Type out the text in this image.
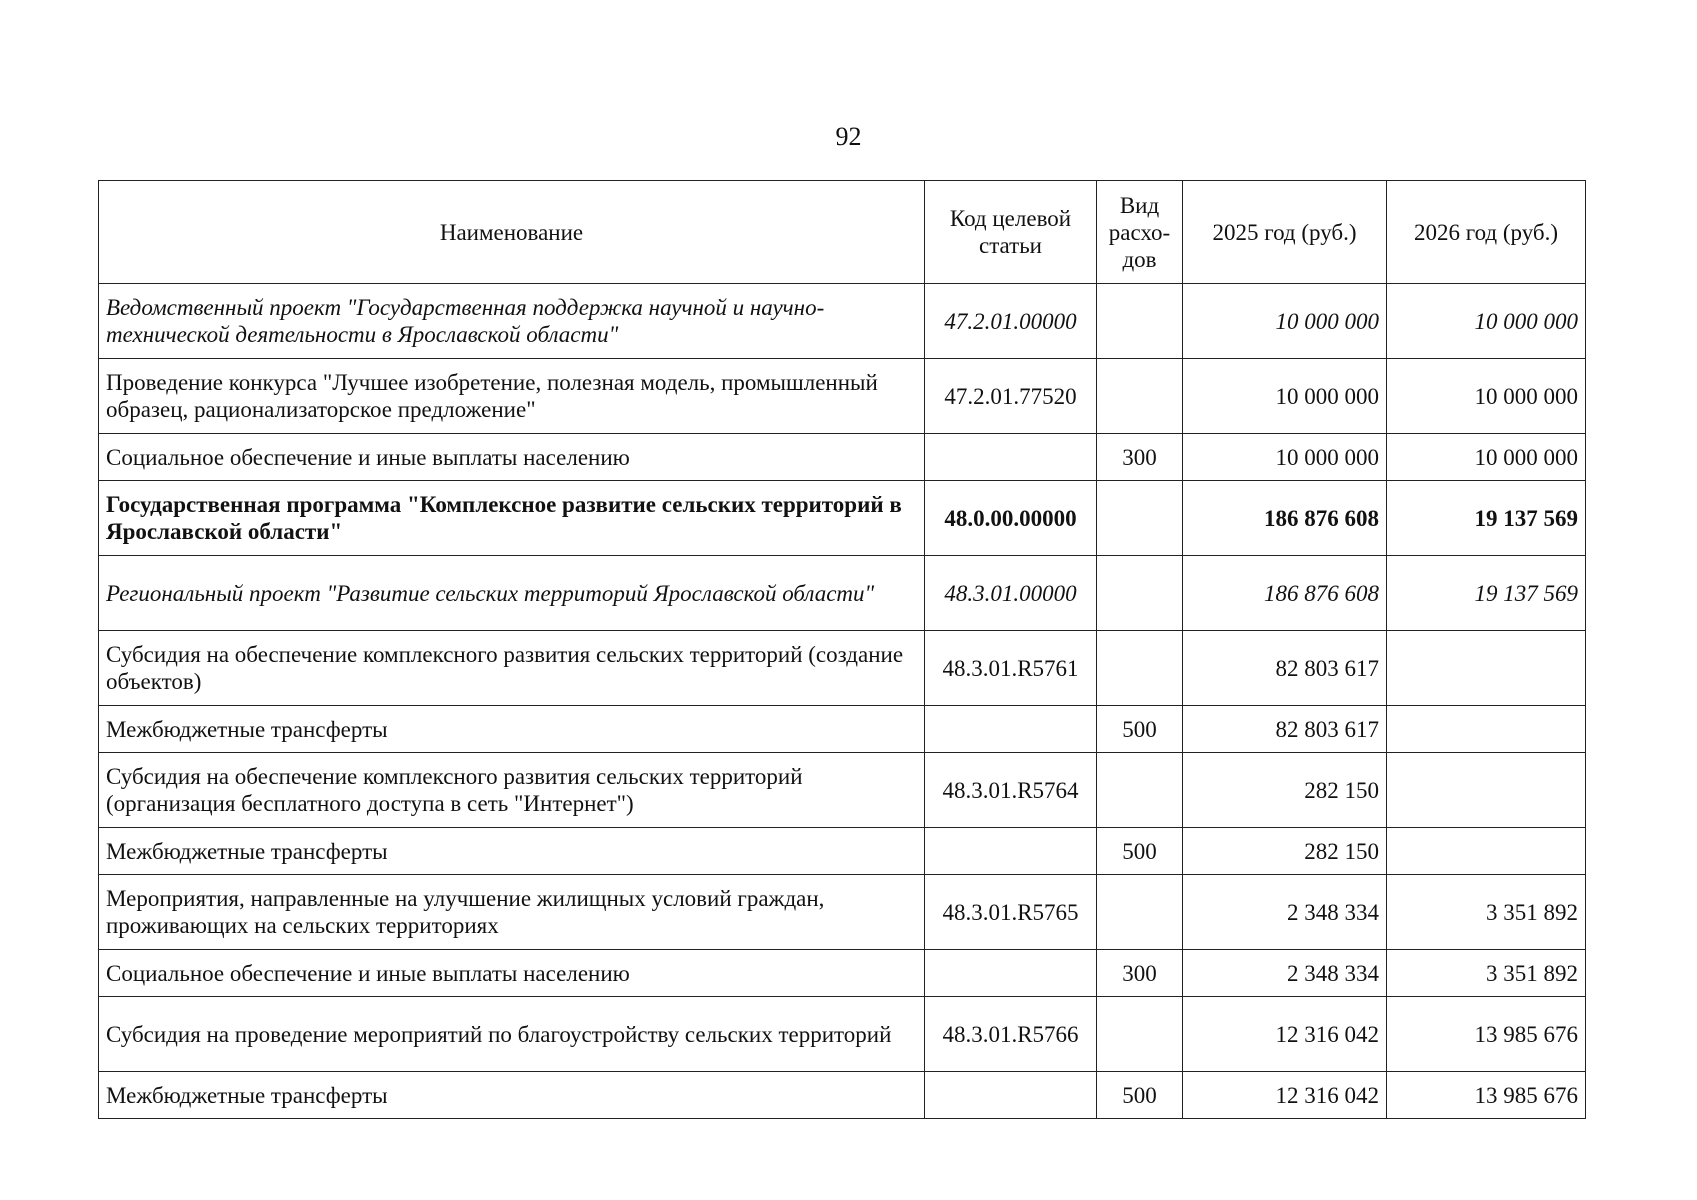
92
Наименование	Код целевой статьи	Вид расхо-дов	2025 год (руб.)	2026 год (руб.)
Ведомственный проект "Государственная поддержка научной и научно-технической деятельности в Ярославской области"	47.2.01.00000		10 000 000	10 000 000
Проведение конкурса "Лучшее изобретение, полезная модель, промышленный образец, рационализаторское предложение"	47.2.01.77520		10 000 000	10 000 000
Социальное обеспечение и иные выплаты населению		300	10 000 000	10 000 000
Государственная программа "Комплексное развитие сельских территорий в Ярославской области"	48.0.00.00000		186 876 608	19 137 569
Региональный проект "Развитие сельских территорий Ярославской области"	48.3.01.00000		186 876 608	19 137 569
Субсидия на обеспечение комплексного развития сельских территорий (создание объектов)	48.3.01.R5761		82 803 617	
Межбюджетные трансферты		500	82 803 617	
Субсидия на обеспечение комплексного развития сельских территорий (организация бесплатного доступа в сеть "Интернет")	48.3.01.R5764		282 150	
Межбюджетные трансферты		500	282 150	
Мероприятия, направленные на улучшение жилищных условий граждан, проживающих на сельских территориях	48.3.01.R5765		2 348 334	3 351 892
Социальное обеспечение и иные выплаты населению		300	2 348 334	3 351 892
Субсидия на проведение мероприятий по благоустройству сельских территорий	48.3.01.R5766		12 316 042	13 985 676
Межбюджетные трансферты		500	12 316 042	13 985 676
